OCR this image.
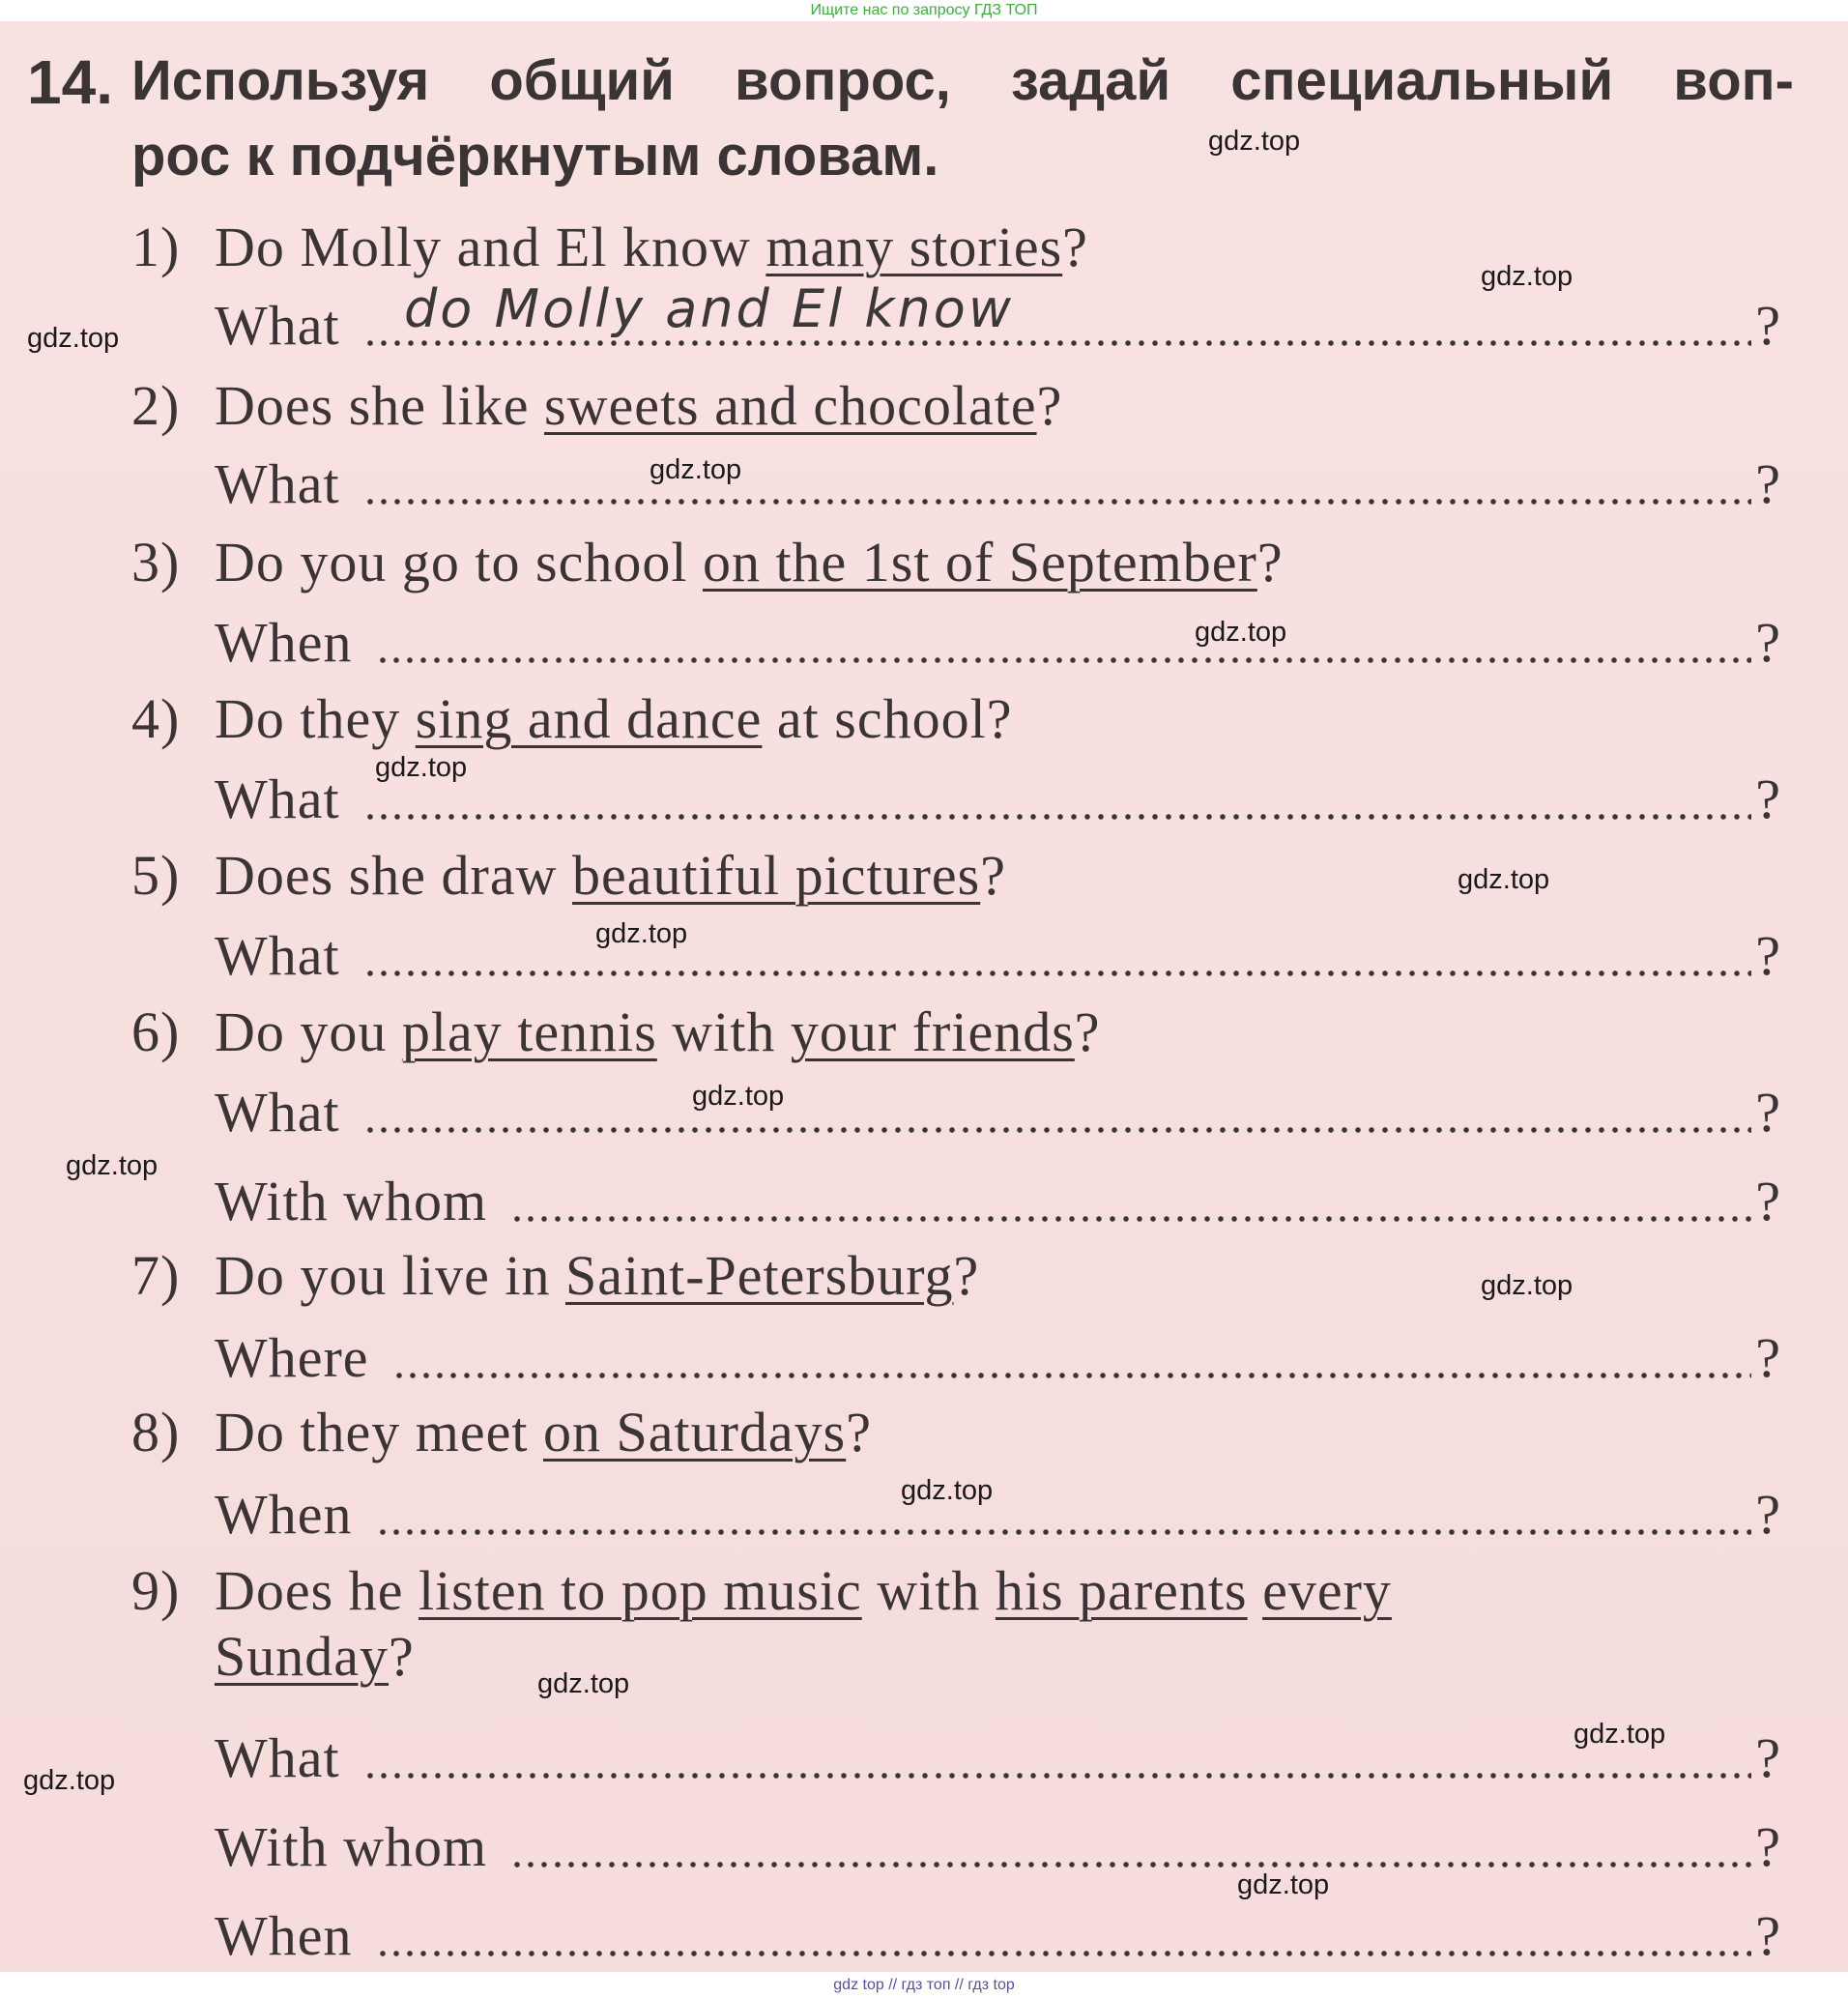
Ищите нас по запросу ГДЗ ТОП
14. Используя общий вопрос, задай специальный воп-
рос к подчёркнутым словам.
1) Do Molly and El know many stories?
2) Does she like sweets and chocolate?
3) Do you go to school on the 1st of September?
4) Do they sing and dance at school?
5) Does she draw beautiful pictures?
6) Do you play tennis with your friends?
7) Do you live in Saint-Petersburg?
8) Do they meet on Saturdays?
9) Does he listen to pop music with his parents every
Sunday?
What	?
do Molly and El know
What	?
When	?
What	?
What	?
What	?
With whom	?
Where	?
When	?
What	?
With whom	?
When	?
gdz.top
gdz.top
gdz.top
gdz.top
gdz.top
gdz.top
gdz.top
gdz.top
gdz.top
gdz.top
gdz.top
gdz.top
gdz.top
gdz.top
gdz.top
gdz.top
gdz top // гдз топ // гдз top
